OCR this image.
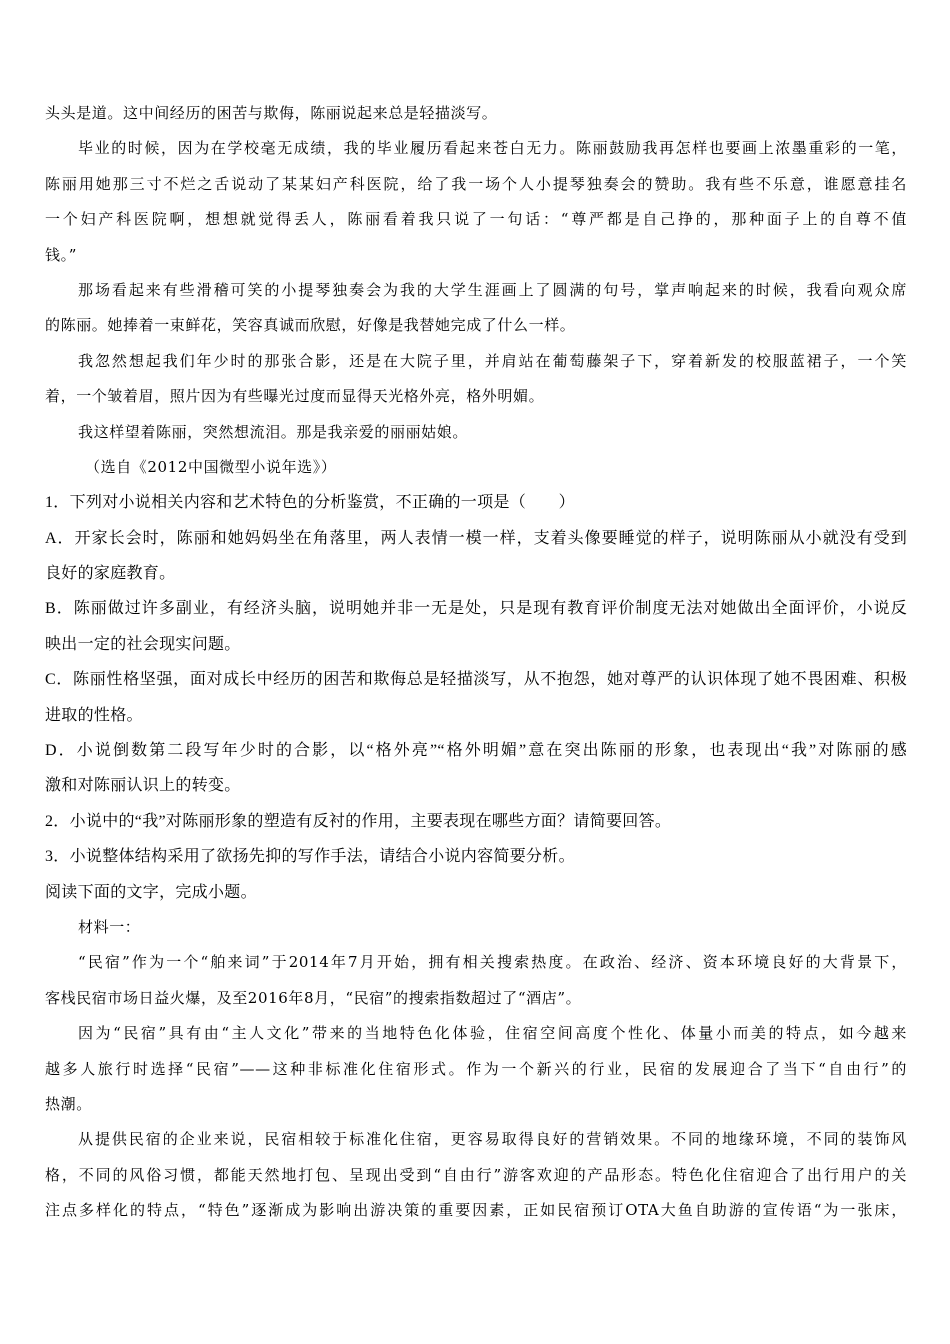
头头是道。这中间经历的困苦与欺侮，陈丽说起来总是轻描淡写。
毕业的时候，因为在学校毫无成绩，我的毕业履历看起来苍白无力。陈丽鼓励我再怎样也要画上浓墨重彩的一笔，
陈丽用她那三寸不烂之舌说动了某某妇产科医院，给了我一场个人小提琴独奏会的赞助。我有些不乐意，谁愿意挂名
一个妇产科医院啊，想想就觉得丢人，陈丽看着我只说了一句话：“尊严都是自己挣的，那种面子上的自尊不值
钱。”
那场看起来有些滑稽可笑的小提琴独奏会为我的大学生涯画上了圆满的句号，掌声响起来的时候，我看向观众席
的陈丽。她捧着一束鲜花，笑容真诚而欣慰，好像是我替她完成了什么一样。
我忽然想起我们年少时的那张合影，还是在大院子里，并肩站在葡萄藤架子下，穿着新发的校服蓝裙子，一个笑
着，一个皱着眉，照片因为有些曝光过度而显得天光格外亮，格外明媚。
我这样望着陈丽，突然想流泪。那是我亲爱的丽丽姑娘。
（选自《2012中国微型小说年选》）
1．下列对小说相关内容和艺术特色的分析鉴赏，不正确的一项是（　　）
A．开家长会时，陈丽和她妈妈坐在角落里，两人表情一模一样，支着头像要睡觉的样子，说明陈丽从小就没有受到
良好的家庭教育。
B．陈丽做过许多副业，有经济头脑，说明她并非一无是处，只是现有教育评价制度无法对她做出全面评价，小说反
映出一定的社会现实问题。
C．陈丽性格坚强，面对成长中经历的困苦和欺侮总是轻描淡写，从不抱怨，她对尊严的认识体现了她不畏困难、积极
进取的性格。
D．小说倒数第二段写年少时的合影，以“格外亮”“格外明媚”意在突出陈丽的形象，也表现出“我”对陈丽的感
激和对陈丽认识上的转变。
2．小说中的“我”对陈丽形象的塑造有反衬的作用，主要表现在哪些方面？请简要回答。
3．小说整体结构采用了欲扬先抑的写作手法，请结合小说内容简要分析。
阅读下面的文字，完成小题。
材料一：
“民宿”作为一个“舶来词”于2014年7月开始，拥有相关搜索热度。在政治、经济、资本环境良好的大背景下，
客栈民宿市场日益火爆，及至2016年8月，“民宿”的搜索指数超过了“酒店”。
因为“民宿”具有由“主人文化”带来的当地特色化体验，住宿空间高度个性化、体量小而美的特点，如今越来
越多人旅行时选择“民宿”——这种非标准化住宿形式。作为一个新兴的行业，民宿的发展迎合了当下“自由行”的
热潮。
从提供民宿的企业来说，民宿相较于标准化住宿，更容易取得良好的营销效果。不同的地缘环境，不同的装饰风
格，不同的风俗习惯，都能天然地打包、呈现出受到“自由行”游客欢迎的产品形态。特色化住宿迎合了出行用户的关
注点多样化的特点，“特色”逐渐成为影响出游决策的重要因素，正如民宿预订OTA大鱼自助游的宣传语“为一张床，
